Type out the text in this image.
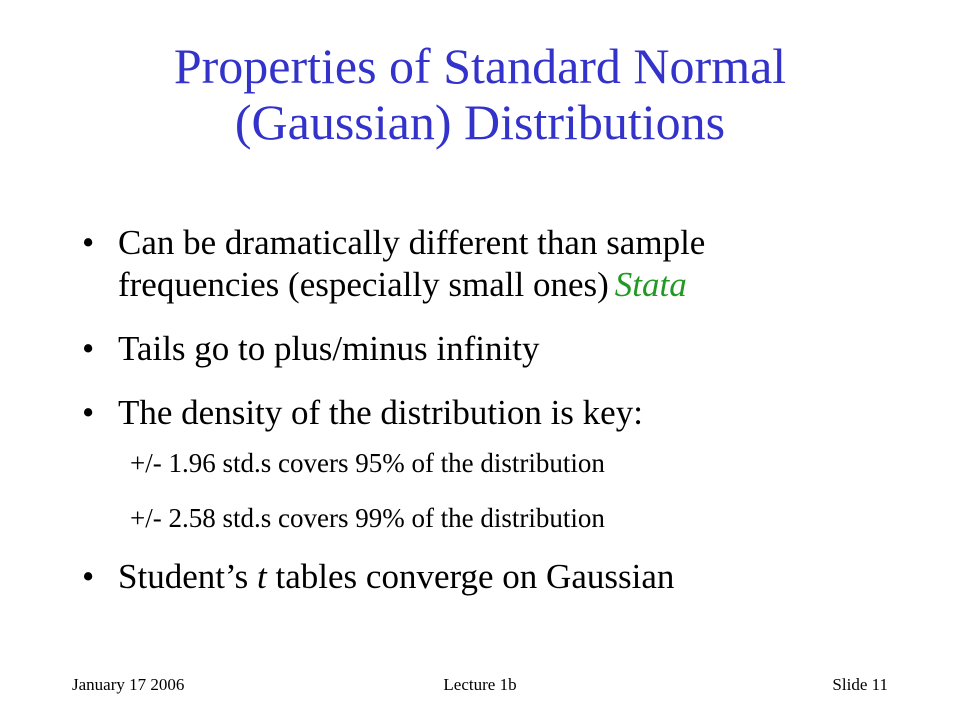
Properties of Standard Normal
(Gaussian) Distributions
• Can be dramatically different than sample
frequencies (especially small ones) Stata
• Tails go to plus/minus infinity
• The density of the distribution is key:
+/- 1.96 std.s covers 95% of the distribution
+/- 2.58 std.s covers 99% of the distribution
• Student’s t tables converge on Gaussian
January 17 2006	Lecture 1b	Slide 11
